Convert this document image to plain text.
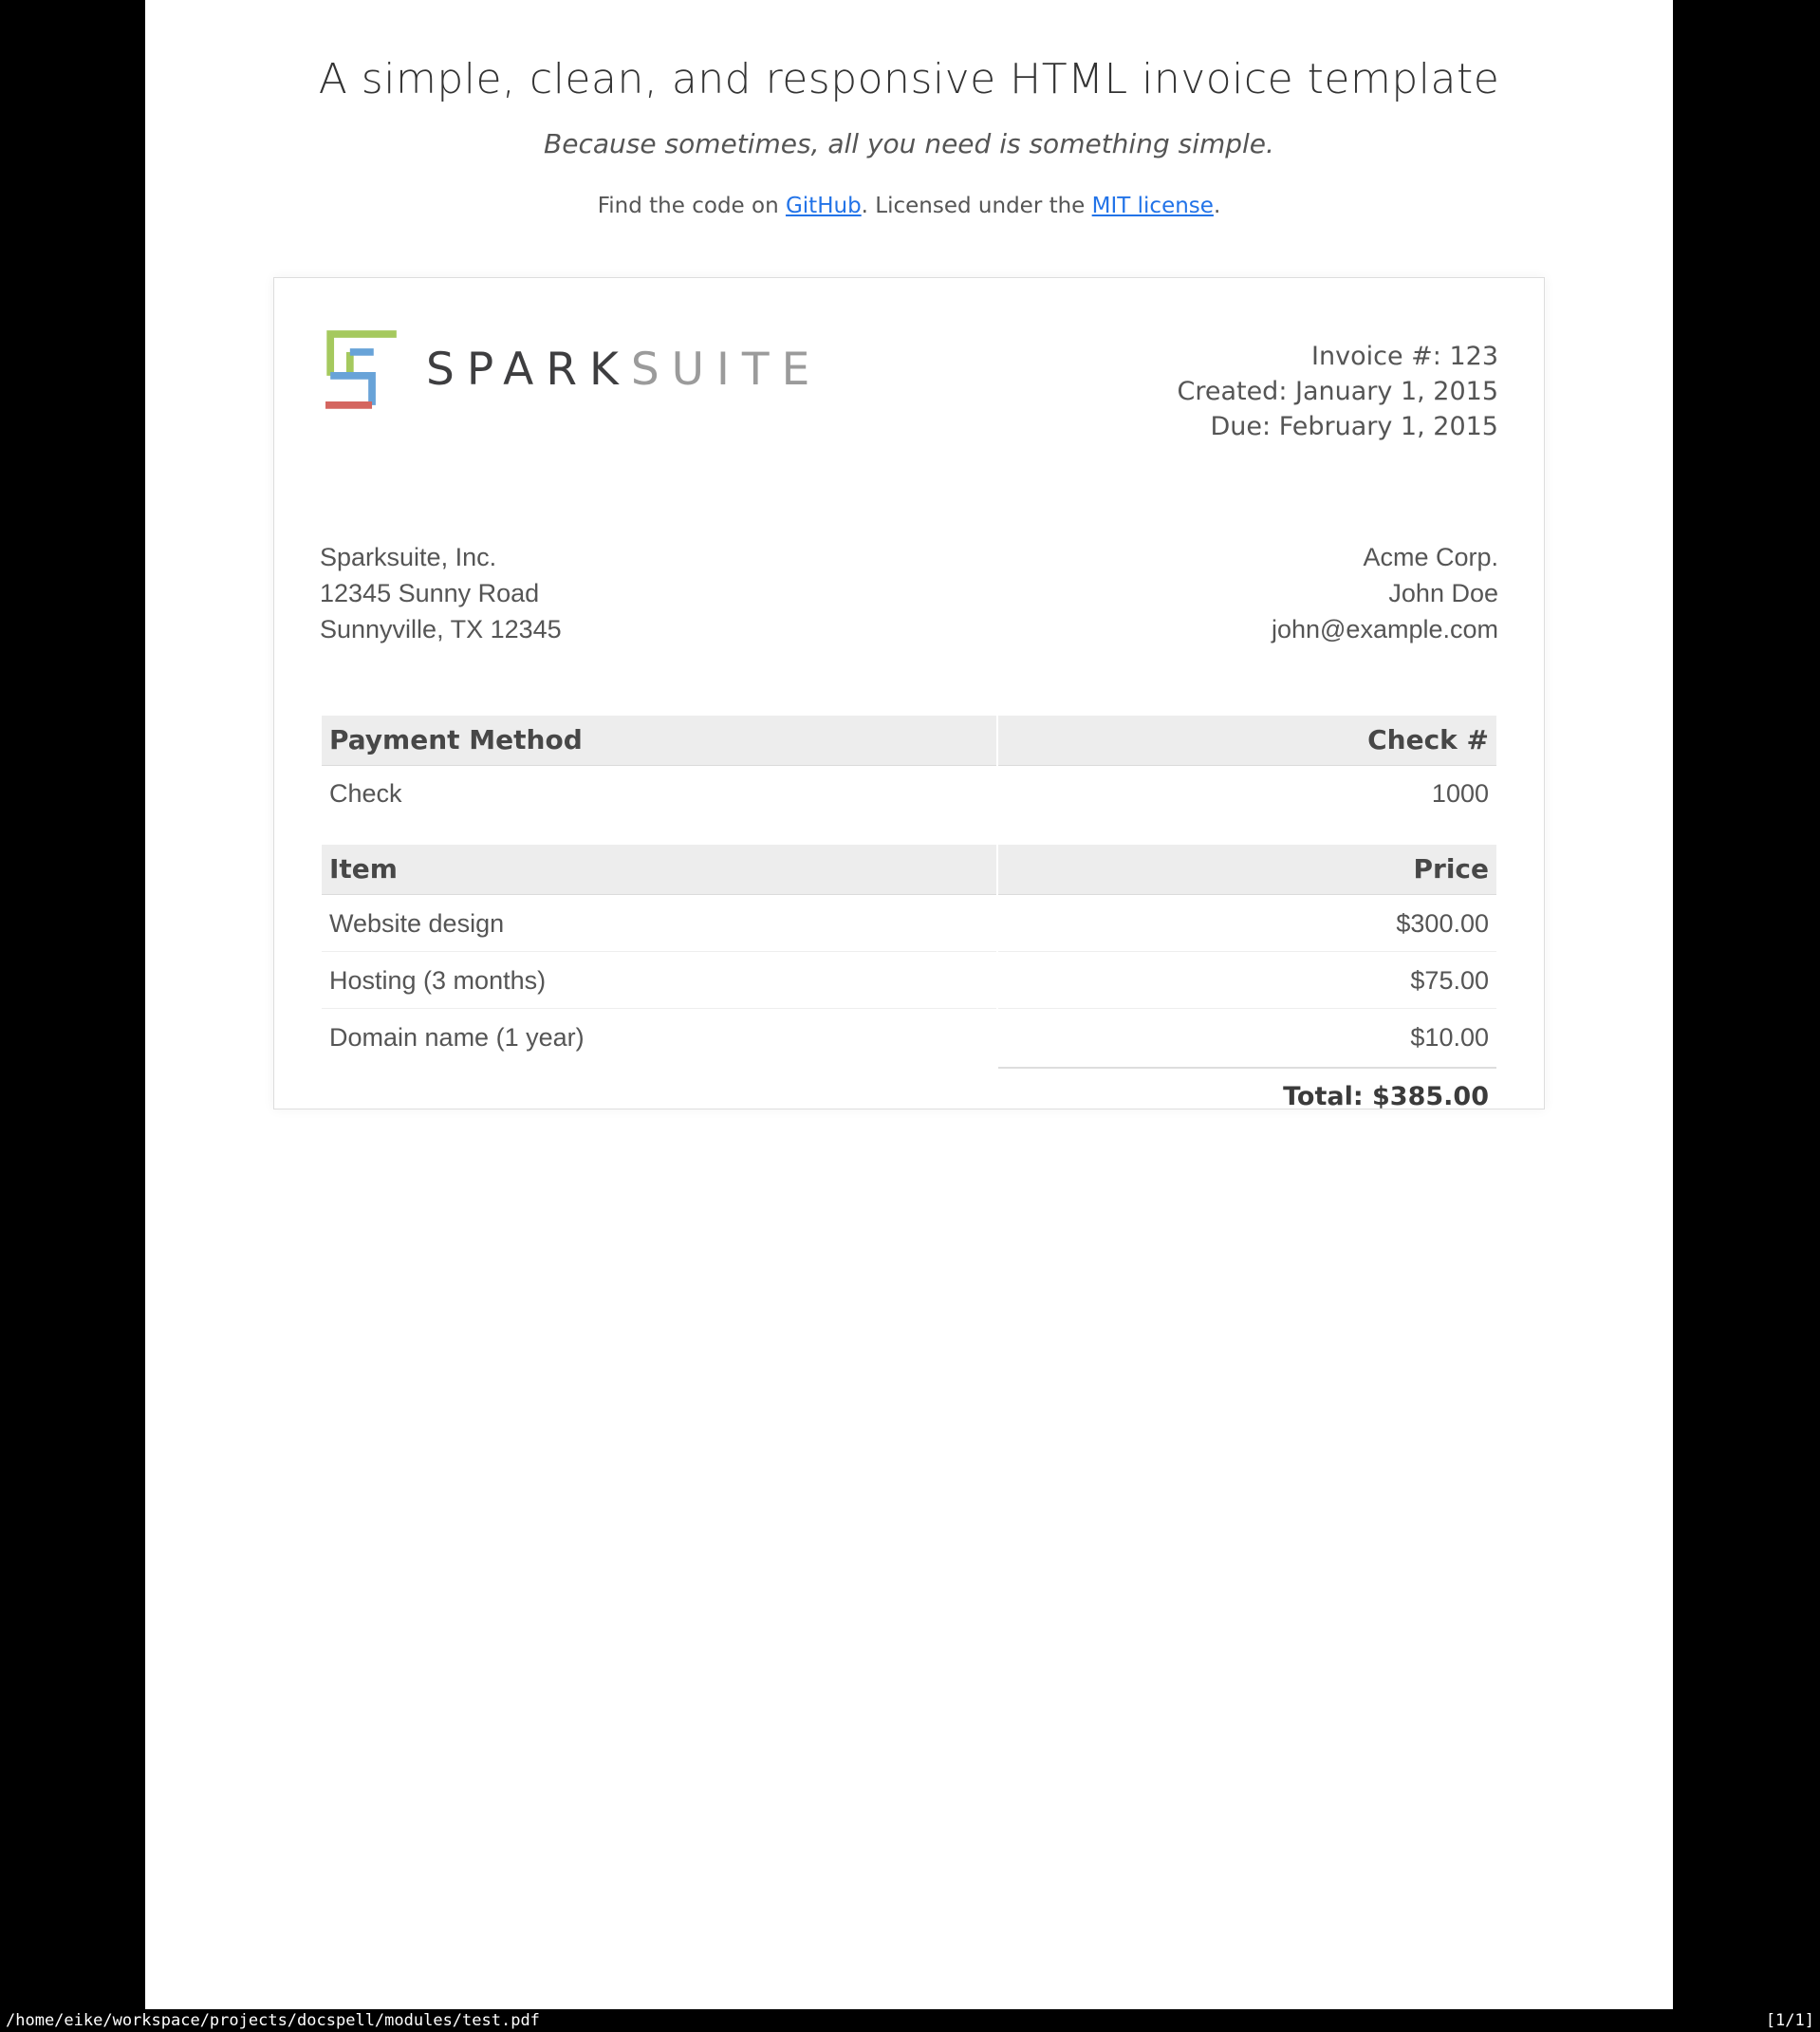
A simple, clean, and responsive HTML invoice template
Because sometimes, all you need is something simple.
Find the code on GitHub. Licensed under the MIT license.
SPARKSUITE	Invoice #: 123
Created: January 1, 2015
Due: February 1, 2015
Sparksuite, Inc.
12345 Sunny Road
Sunnyville, TX 12345
Acme Corp.
John Doe
john@example.com
Payment Method	Check #
Check	1000
Item	Price
Website design	$300.00
Hosting (3 months)	$75.00
Domain name (1 year)	$10.00
	Total: $385.00
/home/eike/workspace/projects/docspell/modules/test.pdf	[1/1]
